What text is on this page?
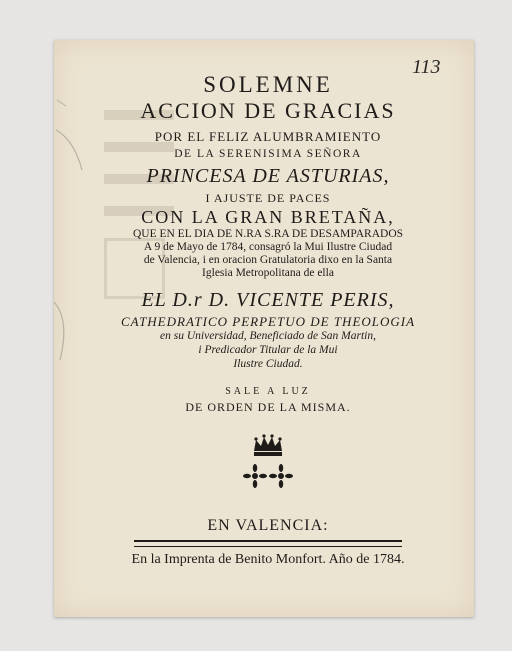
113
SOLEMNE
ACCION DE GRACIAS
POR EL FELIZ ALUMBRAMIENTO
DE LA SERENISIMA SEÑORA
PRINCESA DE ASTURIAS,
I AJUSTE DE PACES
CON LA GRAN BRETAÑA,
QUE EN EL DIA DE N.RA S.RA DE DESAMPARADOS
A 9 de Mayo de 1784, consagró la Mui Ilustre Ciudad
de Valencia, i en oracion Gratulatoria dixo en la Santa
Iglesia Metropolitana de ella
EL D.r D. VICENTE PERIS,
CATHEDRATICO PERPETUO DE THEOLOGIA
en su Universidad, Beneficiado de San Martin,
i Predicador Titular de la Mui
Ilustre Ciudad.
SALE A LUZ
DE ORDEN DE LA MISMA.
EN VALENCIA:
En la Imprenta de Benito Monfort. Año de 1784.
